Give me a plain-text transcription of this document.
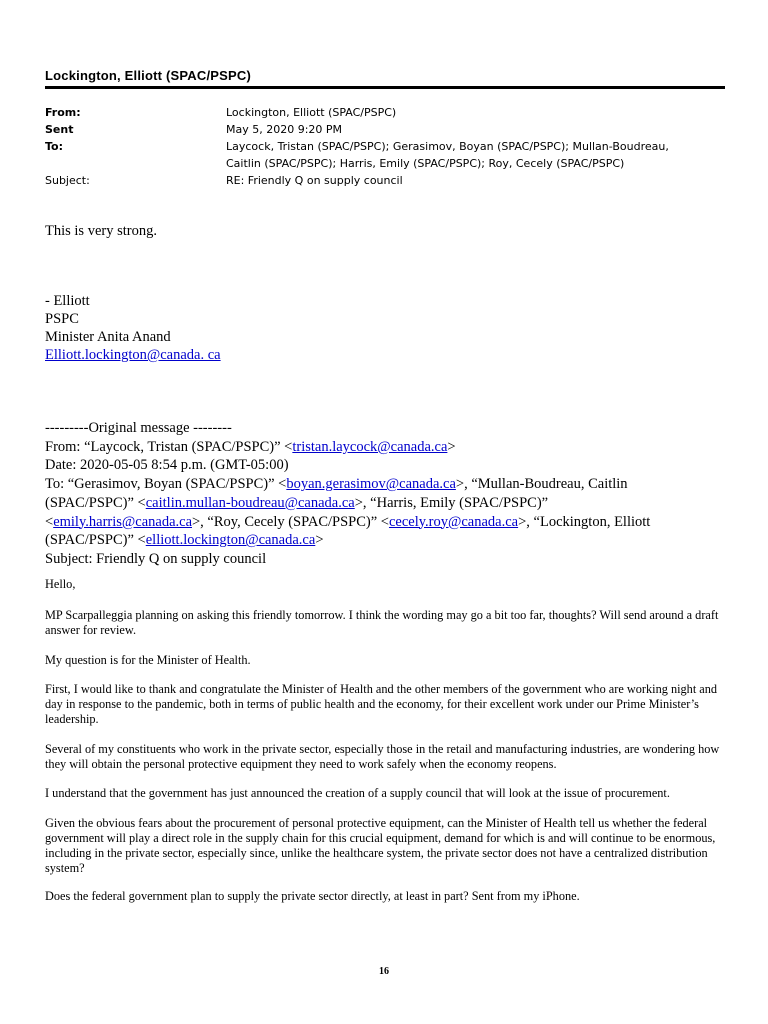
Lockington, Elliott (SPAC/PSPC)
From:	Lockington, Elliott (SPAC/PSPC)
Sent	May 5, 2020 9:20 PM
To:	Laycock, Tristan (SPAC/PSPC); Gerasimov, Boyan (SPAC/PSPC); Mullan-Boudreau,
Caitlin (SPAC/PSPC); Harris, Emily (SPAC/PSPC); Roy, Cecely (SPAC/PSPC)
Subject:	RE: Friendly Q on supply council
This is very strong.
- Elliott
PSPC
Minister Anita Anand
Elliott.lockington@canada. ca
---------Original message --------
From: “Laycock, Tristan (SPAC/PSPC)” <tristan.laycock@canada.ca>
Date: 2020-05-05 8:54 p.m. (GMT-05:00)
To: “Gerasimov, Boyan (SPAC/PSPC)” <boyan.gerasimov@canada.ca>, “Mullan-Boudreau, Caitlin
(SPAC/PSPC)” <caitlin.mullan-boudreau@canada.ca>, “Harris, Emily (SPAC/PSPC)”
<emily.harris@canada.ca>, “Roy, Cecely (SPAC/PSPC)” <cecely.roy@canada.ca>, “Lockington, Elliott
(SPAC/PSPC)” <elliott.lockington@canada.ca>
Subject: Friendly Q on supply council
Hello,
MP Scarpalleggia planning on asking this friendly tomorrow. I think the wording may go a bit too far, thoughts? Will send around a draft answer for review.
My question is for the Minister of Health.
First, I would like to thank and congratulate the Minister of Health and the other members of the government who are working night and day in response to the pandemic, both in terms of public health and the economy, for their excellent work under our Prime Minister’s leadership.
Several of my constituents who work in the private sector, especially those in the retail and manufacturing industries, are wondering how they will obtain the personal protective equipment they need to work safely when the economy reopens.
I understand that the government has just announced the creation of a supply council that will look at the issue of procurement.
Given the obvious fears about the procurement of personal protective equipment, can the Minister of Health tell us whether the federal government will play a direct role in the supply chain for this crucial equipment, demand for which is and will continue to be enormous, including in the private sector, especially since, unlike the healthcare system, the private sector does not have a centralized distribution system?
Does the federal government plan to supply the private sector directly, at least in part? Sent from my iPhone.
16
